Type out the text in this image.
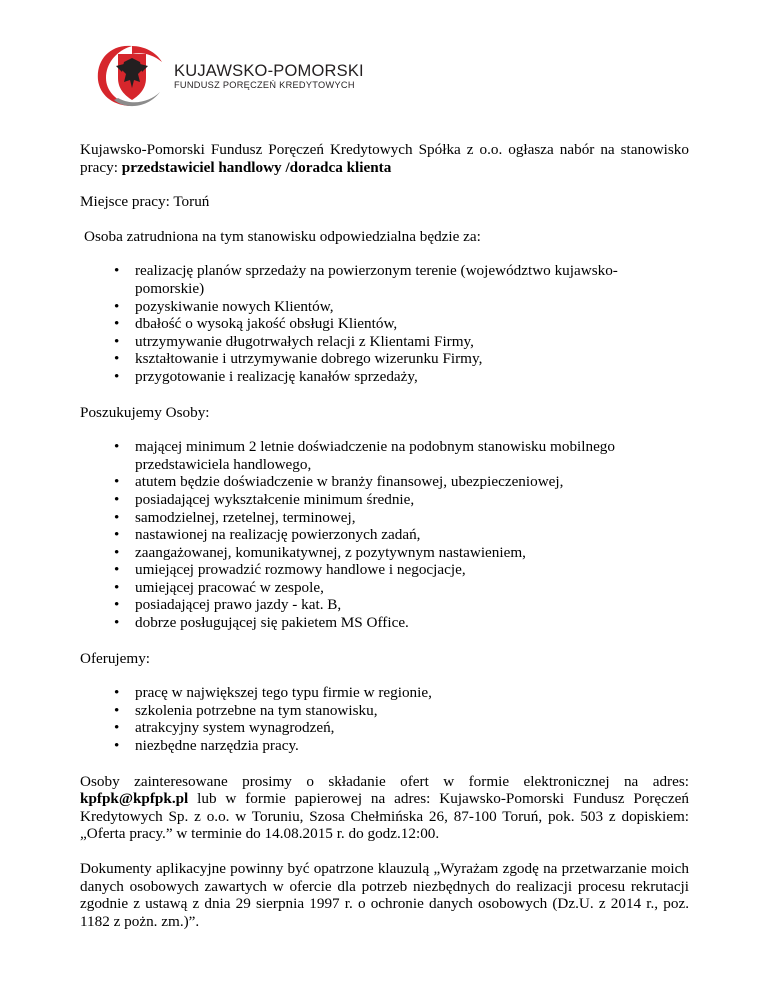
KUJAWSKO-POMORSKI
FUNDUSZ PORĘCZEŃ KREDYTOWYCH

Kujawsko-Pomorski Fundusz Poręczeń Kredytowych Spółka z o.o. ogłasza nabór na stanowisko pracy: przedstawiciel handlowy /doradca klienta

Miejsce pracy: Toruń

Osoba zatrudniona na tym stanowisku odpowiedzialna będzie za:

• realizację planów sprzedaży na powierzonym terenie (województwo kujawsko-pomorskie)
• pozyskiwanie nowych Klientów,
• dbałość o wysoką jakość obsługi Klientów,
• utrzymywanie długotrwałych relacji z Klientami Firmy,
• kształtowanie i utrzymywanie dobrego wizerunku Firmy,
• przygotowanie i realizację kanałów sprzedaży,

Poszukujemy Osoby:

• mającej minimum 2 letnie doświadczenie na podobnym stanowisku mobilnego przedstawiciela handlowego,
• atutem będzie doświadczenie w branży finansowej, ubezpieczeniowej,
• posiadającej wykształcenie minimum średnie,
• samodzielnej, rzetelnej, terminowej,
• nastawionej na realizację powierzonych zadań,
• zaangażowanej, komunikatywnej, z pozytywnym nastawieniem,
• umiejącej prowadzić rozmowy handlowe i negocjacje,
• umiejącej pracować w zespole,
• posiadającej prawo jazdy - kat. B,
• dobrze posługującej się pakietem MS Office.

Oferujemy:

• pracę w największej tego typu firmie w regionie,
• szkolenia potrzebne na tym stanowisku,
• atrakcyjny system wynagrodzeń,
• niezbędne narzędzia pracy.

Osoby zainteresowane prosimy o składanie ofert w formie elektronicznej na adres: kpfpk@kpfpk.pl lub w formie papierowej na adres: Kujawsko-Pomorski Fundusz Poręczeń Kredytowych Sp. z o.o. w Toruniu, Szosa Chełmińska 26, 87-100 Toruń, pok. 503 z dopiskiem: „Oferta pracy.” w terminie do 14.08.2015 r. do godz.12:00.

Dokumenty aplikacyjne powinny być opatrzone klauzulą „Wyrażam zgodę na przetwarzanie moich danych osobowych zawartych w ofercie dla potrzeb niezbędnych do realizacji procesu rekrutacji zgodnie z ustawą z dnia 29 sierpnia 1997 r. o ochronie danych osobowych (Dz.U. z 2014 r., poz. 1182 z pożn. zm.)”.
